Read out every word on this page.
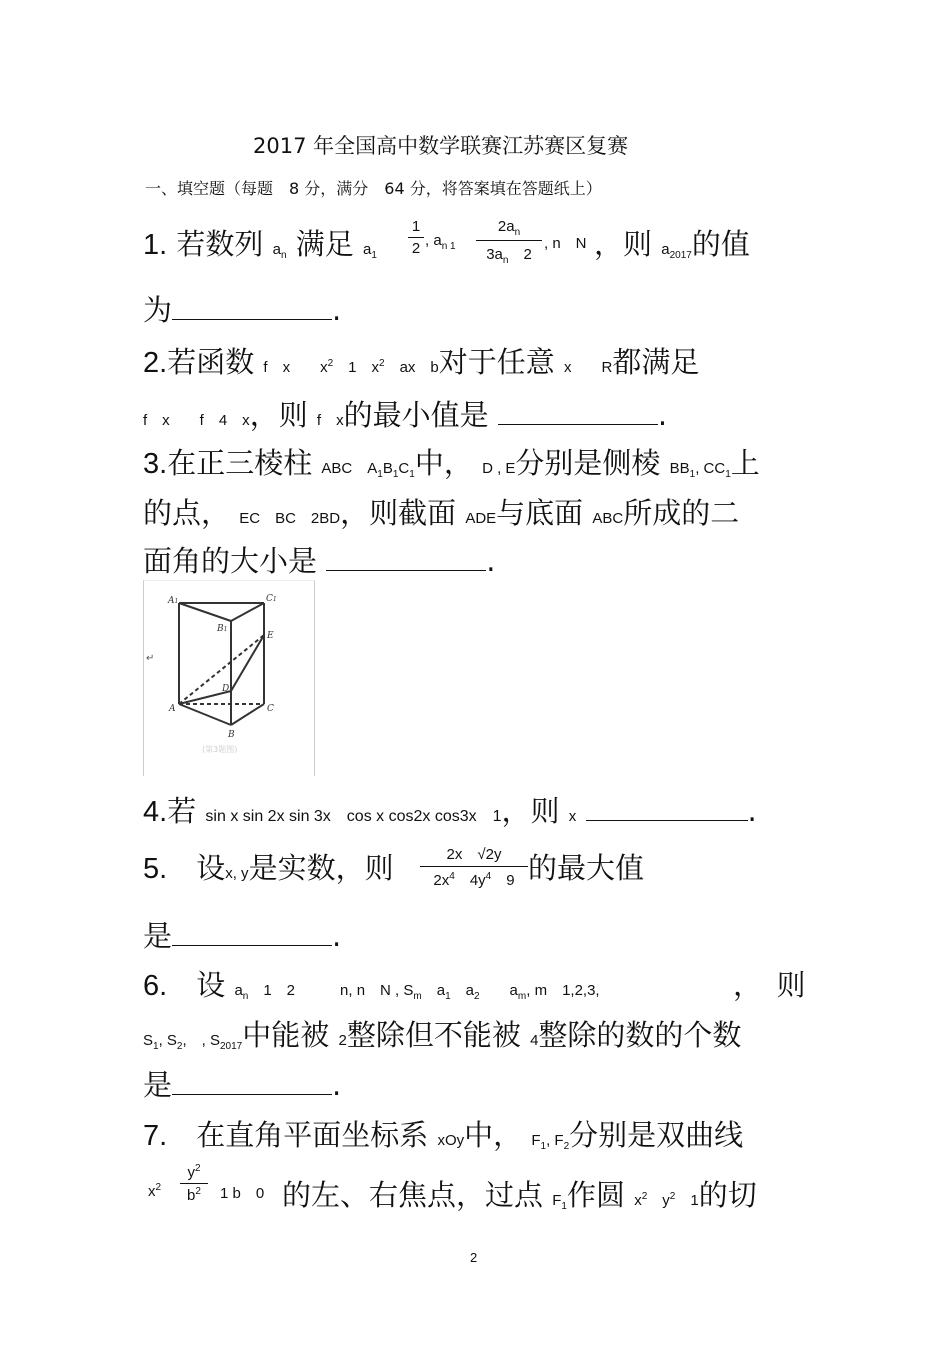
2017 年全国高中数学联赛江苏赛区复赛
一、填空题（每题　8 分，满分　64 分，将答案填在答题纸上）
1. 若数列 $a_n$ 满足 $a_1$
1
2 , $a_{n 1}$
$2a_n$
$3a_n$　2
, n　N ，则 $a_{2017}$的值
为	.
2.若函数 f　x　　$x^2$　1　$x^2$　ax　b对于任意 x　　R都满足
f　x　　f　4　x，则 f　x的最小值是	.
3.在正三棱柱 ABC　$A_1B_1C_1$中， D , E分别是侧棱 $BB_1$, $CC_1$上
的点， EC　BC　2BD，则截面 ADE与底面 ABC所成的二
面角的大小是	.
A1	C1
B1
E
D
A	C
B
↵
(第3题图)
4.若 sin x sin 2x sin 3x　cos x cos2x cos3x　1，则 x	.
5.　 设x, y是实数，则	2x　√2y
$2x^4$　$4y^4$　9 的最大值
是	.
6.　 设 $a_n$　1　2　　　n, n　N , $S_m$　$a_1$　$a_2$　　$a_m$, m　1,2,3,	，　 则
$S_1$, $S_2$,　, $S_{2017}$中能被 2整除但不能被 4整除的数的个数
是	.
7.　 在直角平面坐标系 xOy中， $F_1$, $F_2$分别是双曲线
$x^2$
$y^2$
$b^2$	1 b　0 的左、右焦点，过点 $F_1$作圆 $x^2$　$y^2$　1的切
2
